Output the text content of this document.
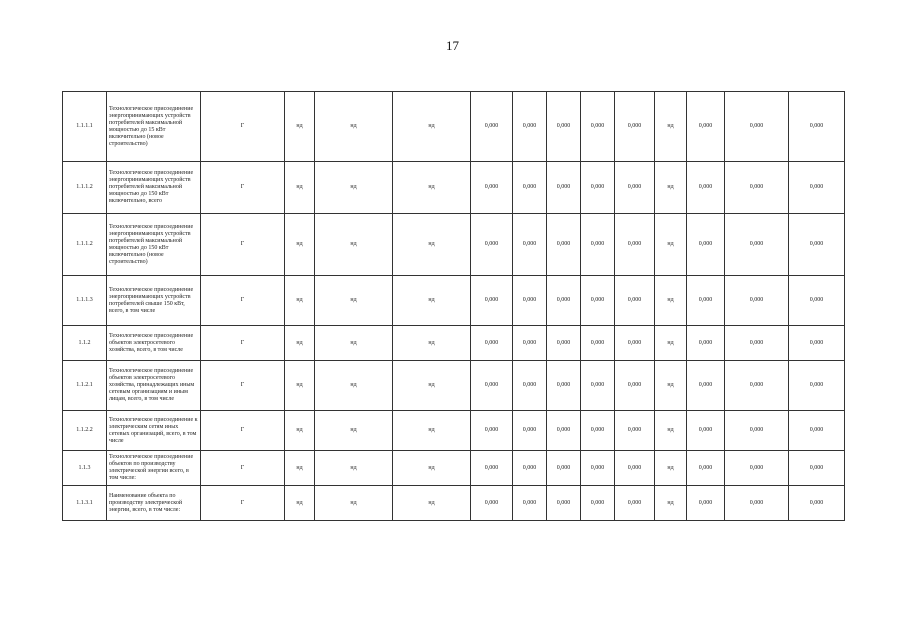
17
1.1.1.1	Технологическое присоединение энергопринимающих устройств потребителей максимальной мощностью до 15 кВт включительно (новое строительство)	Г	нд	нд	нд	0,000	0,000	0,000	0,000	0,000	нд	0,000	0,000	0,000
1.1.1.2	Технологическое присоединение энергопринимающих устройств потребителей максимальной мощностью до 150 кВт включительно, всего	Г	нд	нд	нд	0,000	0,000	0,000	0,000	0,000	нд	0,000	0,000	0,000
1.1.1.2	Технологическое присоединение энергопринимающих устройств потребителей максимальной мощностью до 150 кВт включительно (новое строительство)	Г	нд	нд	нд	0,000	0,000	0,000	0,000	0,000	нд	0,000	0,000	0,000
1.1.1.3	Технологическое присоединение энергопринимающих устройств потребителей свыше 150 кВт, всего, в том числе	Г	нд	нд	нд	0,000	0,000	0,000	0,000	0,000	нд	0,000	0,000	0,000
1.1.2	Технологическое присоединение объектов электросетевого хозяйства, всего, в том числе	Г	нд	нд	нд	0,000	0,000	0,000	0,000	0,000	нд	0,000	0,000	0,000
1.1.2.1	Технологическое присоединение объектов электросетевого хозяйства, принадлежащих иным сетевым организациям и иным лицам, всего, в том числе	Г	нд	нд	нд	0,000	0,000	0,000	0,000	0,000	нд	0,000	0,000	0,000
1.1.2.2	Технологическое присоединение к электрическим сетям иных сетевых организаций, всего, в том числе	Г	нд	нд	нд	0,000	0,000	0,000	0,000	0,000	нд	0,000	0,000	0,000
1.1.3	Технологическое присоединение объектов по производству электрической энергии всего, в том числе:	Г	нд	нд	нд	0,000	0,000	0,000	0,000	0,000	нд	0,000	0,000	0,000
1.1.3.1	Наименование объекта по производству электрической энергии, всего, в том числе:	Г	нд	нд	нд	0,000	0,000	0,000	0,000	0,000	нд	0,000	0,000	0,000
